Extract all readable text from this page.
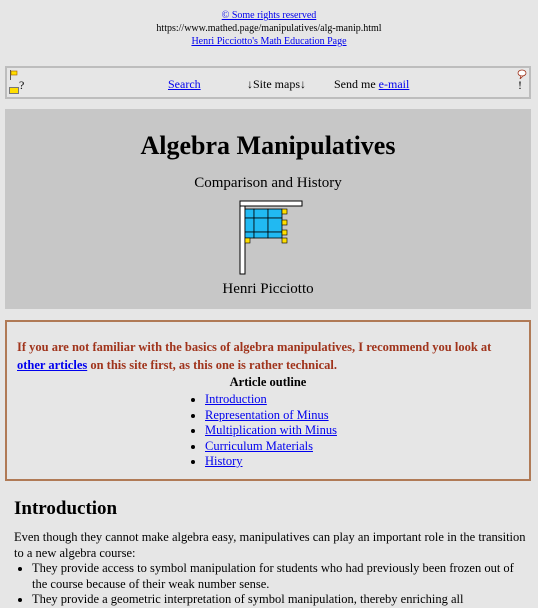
© Some rights reserved
https://www.mathed.page/manipulatives/alg-manip.html
Henri Picciotto's Math Education Page
?	Search	↓Site maps↓ Send me e-mail	!
Algebra Manipulatives
Comparison and History
Henri Picciotto
If you are not familiar with the basics of algebra manipulatives, I recommend you look at other articles on this site first, as this one is rather technical.
Article outline
• Introduction
• Representation of Minus
• Multiplication with Minus
• Curriculum Materials
• History
Introduction

Even though they cannot make algebra easy, manipulatives can play an important role in the transition to a new algebra course:

• They provide access to symbol manipulation for students who had previously been frozen out of the course because of their weak number sense.
• They provide a geometric interpretation of symbol manipulation, thereby enriching all
